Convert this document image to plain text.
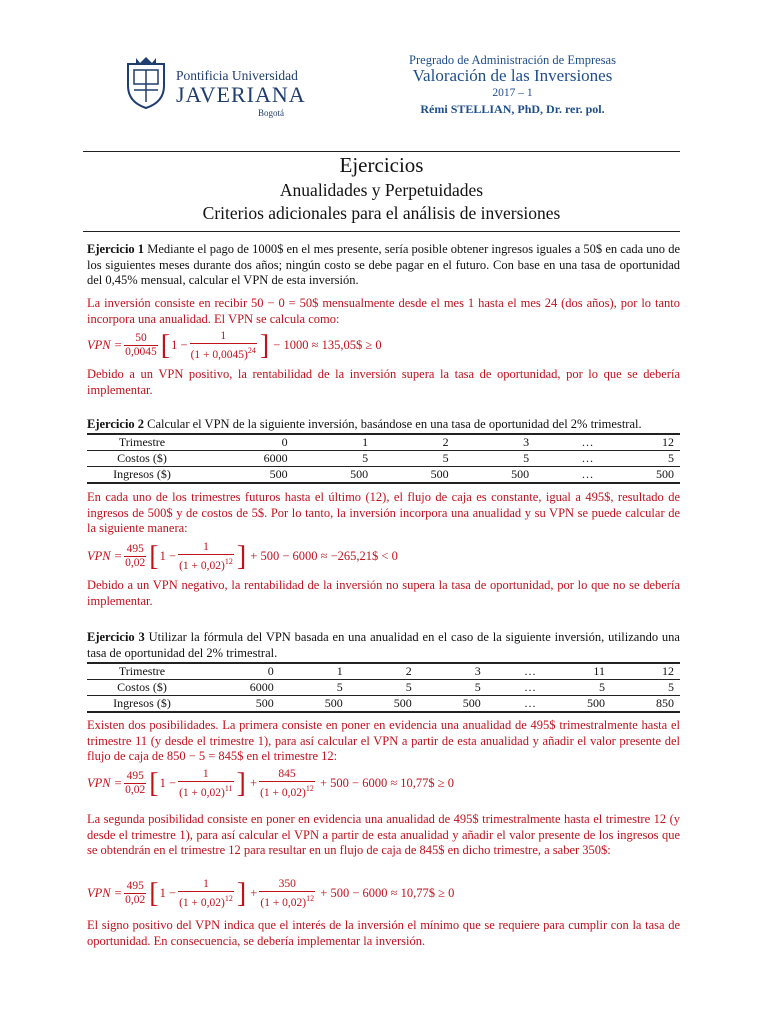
Pontificia Universidad
JAVERIANA
Bogotá
Pregrado de Administración de Empresas
Valoración de las Inversiones
2017 – 1
Rémi STELLIAN, PhD, Dr. rer. pol.
Ejercicios
Anualidades y Perpetuidades
Criterios adicionales para el análisis de inversiones
Ejercicio 1 Mediante el pago de 1000$ en el mes presente, sería posible obtener ingresos iguales a 50$ en cada uno de los siguientes meses durante dos años; ningún costo se debe pagar en el futuro. Con base en una tasa de oportunidad del 0,45% mensual, calcular el VPN de esta inversión.
La inversión consiste en recibir 50 − 0 = 50$ mensualmente desde el mes 1 hasta el mes 24 (dos años), por lo tanto incorpora una anualidad. El VPN se calcula como:
VPN = $\frac{50}{0,0045}$ [ $1 - \frac{1}{(1 + 0,0045)^{24}}$ ]
− 1000 ≈ 135,05$ ≥ 0
Debido a un VPN positivo, la rentabilidad de la inversión supera la tasa de oportunidad, por lo que se debería implementar.
Ejercicio 2 Calcular el VPN de la siguiente inversión, basándose en una tasa de oportunidad del 2% trimestral.
Trimestre	0	1	2	3	…	12
Costos ($)	6000	5	5	5	…	5
Ingresos ($)	500	500	500	500	…	500
En cada uno de los trimestres futuros hasta el último (12), el flujo de caja es constante, igual a 495$, resultado de ingresos de 500$ y de costos de 5$. Por lo tanto, la inversión incorpora una anualidad y su VPN se puede calcular de la siguiente manera:
VPN = $\frac{495}{0,02}$ [ $1 - \frac{1}{(1 + 0,02)^{12}}$ ]
+ 500 − 6000 ≈ −265,21$ < 0
Debido a un VPN negativo, la rentabilidad de la inversión no supera la tasa de oportunidad, por lo que no se debería implementar.
Ejercicio 3 Utilizar la fórmula del VPN basada en una anualidad en el caso de la siguiente inversión, utilizando una tasa de oportunidad del 2% trimestral.
Trimestre	0	1	2	3	…	11	12
Costos ($)	6000	5	5	5	…	5	5
Ingresos ($)	500	500	500	500	…	500	850
Existen dos posibilidades. La primera consiste en poner en evidencia una anualidad de 495$ trimestralmente hasta el trimestre 11 (y desde el trimestre 1), para así calcular el VPN a partir de esta anualidad y añadir el valor presente del flujo de caja de 850 − 5 = 845$ en el trimestre 12:
VPN = $\frac{495}{0,02}$ [ $1 - \frac{1}{(1 + 0,02)^{11}}$ ]
+ $\frac{845}{(1 + 0,02)^{12}}$
+ 500 − 6000 ≈ 10,77$ ≥ 0
La segunda posibilidad consiste en poner en evidencia una anualidad de 495$ trimestralmente hasta el trimestre 12 (y desde el trimestre 1), para así calcular el VPN a partir de esta anualidad y añadir el valor presente de los ingresos que se obtendrán en el trimestre 12 para resultar en un flujo de caja de 845$ en dicho trimestre, a saber 350$:
VPN = $\frac{495}{0,02}$ [ $1 - \frac{1}{(1 + 0,02)^{12}}$ ]
+ $\frac{350}{(1 + 0,02)^{12}}$
+ 500 − 6000 ≈ 10,77$ ≥ 0
El signo positivo del VPN indica que el interés de la inversión el mínimo que se requiere para cumplir con la tasa de oportunidad. En consecuencia, se debería implementar la inversión.
